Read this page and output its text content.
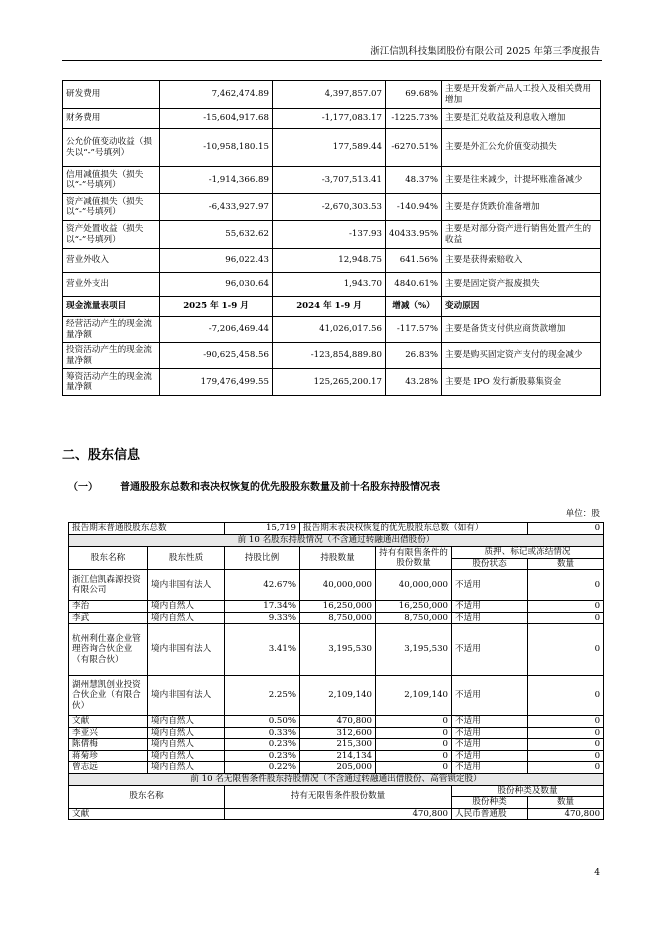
浙江信凯科技集团股份有限公司 2025 年第三季度报告
研发费用	7,462,474.89	4,397,857.07	69.68%	主要是开发新产品人工投入及相关费用增加
财务费用	-15,604,917.68	-1,177,083.17	-1225.73%	主要是汇兑收益及利息收入增加
公允价值变动收益（损失以“-”号填列）	-10,958,180.15	177,589.44	-6270.51%	主要是外汇公允价值变动损失
信用减值损失（损失以“-”号填列）	-1,914,366.89	-3,707,513.41	48.37%	主要是往来减少，计提坏账准备减少
资产减值损失（损失以“-”号填列）	-6,433,927.97	-2,670,303.53	-140.94%	主要是存货跌价准备增加
资产处置收益（损失以“-”号填列）	55,632.62	-137.93	40433.95%	主要是对部分资产进行销售处置产生的收益
营业外收入	96,022.43	12,948.75	641.56%	主要是获得索赔收入
营业外支出	96,030.64	1,943.70	4840.61%	主要是固定资产报废损失
现金流量表项目	2025 年 1-9 月	2024 年 1-9 月	增减（%）	变动原因
经营活动产生的现金流量净额	-7,206,469.44	41,026,017.56	-117.57%	主要是备货支付供应商货款增加
投资活动产生的现金流量净额	-90,625,458.56	-123,854,889.80	26.83%	主要是购买固定资产支付的现金减少
筹资活动产生的现金流量净额	179,476,499.55	125,265,200.17	43.28%	主要是 IPO 发行新股募集资金
二、股东信息
（一） 普通股股东总数和表决权恢复的优先股股东数量及前十名股东持股情况表
单位：股
报告期末普通股股东总数		15,719	报告期末表决权恢复的优先股股东总数（如有）			0
前 10 名股东持股情况（不含通过转融通出借股份）						
股东名称	股东性质	持股比例	持股数量	持有有限售条件的股份数量	质押、标记或冻结情况	
					股份状态	数量
浙江信凯森源投资有限公司	境内非国有法人	42.67%	40,000,000	40,000,000	不适用	0
李治	境内自然人	17.34%	16,250,000	16,250,000	不适用	0
李武	境内自然人	9.33%	8,750,000	8,750,000	不适用	0
杭州利仕嘉企业管理咨询合伙企业（有限合伙）	境内非国有法人	3.41%	3,195,530	3,195,530	不适用	0
湖州慧凯创业投资合伙企业（有限合伙）	境内非国有法人	2.25%	2,109,140	2,109,140	不适用	0
文献	境内自然人	0.50%	470,800	0	不适用	0
李亚兴	境内自然人	0.33%	312,600	0	不适用	0
陈倩梅	境内自然人	0.23%	215,300	0	不适用	0
蒋菊珍	境内自然人	0.23%	214,134	0	不适用	0
曾志远	境内自然人	0.22%	205,000	0	不适用	0
前 10 名无限售条件股东持股情况（不含通过转融通出借股份、高管锁定股）						
股东名称		持有无限售条件股份数量			股份种类及数量	
					股份种类	数量
文献		470,800			人民币普通股	470,800
4
